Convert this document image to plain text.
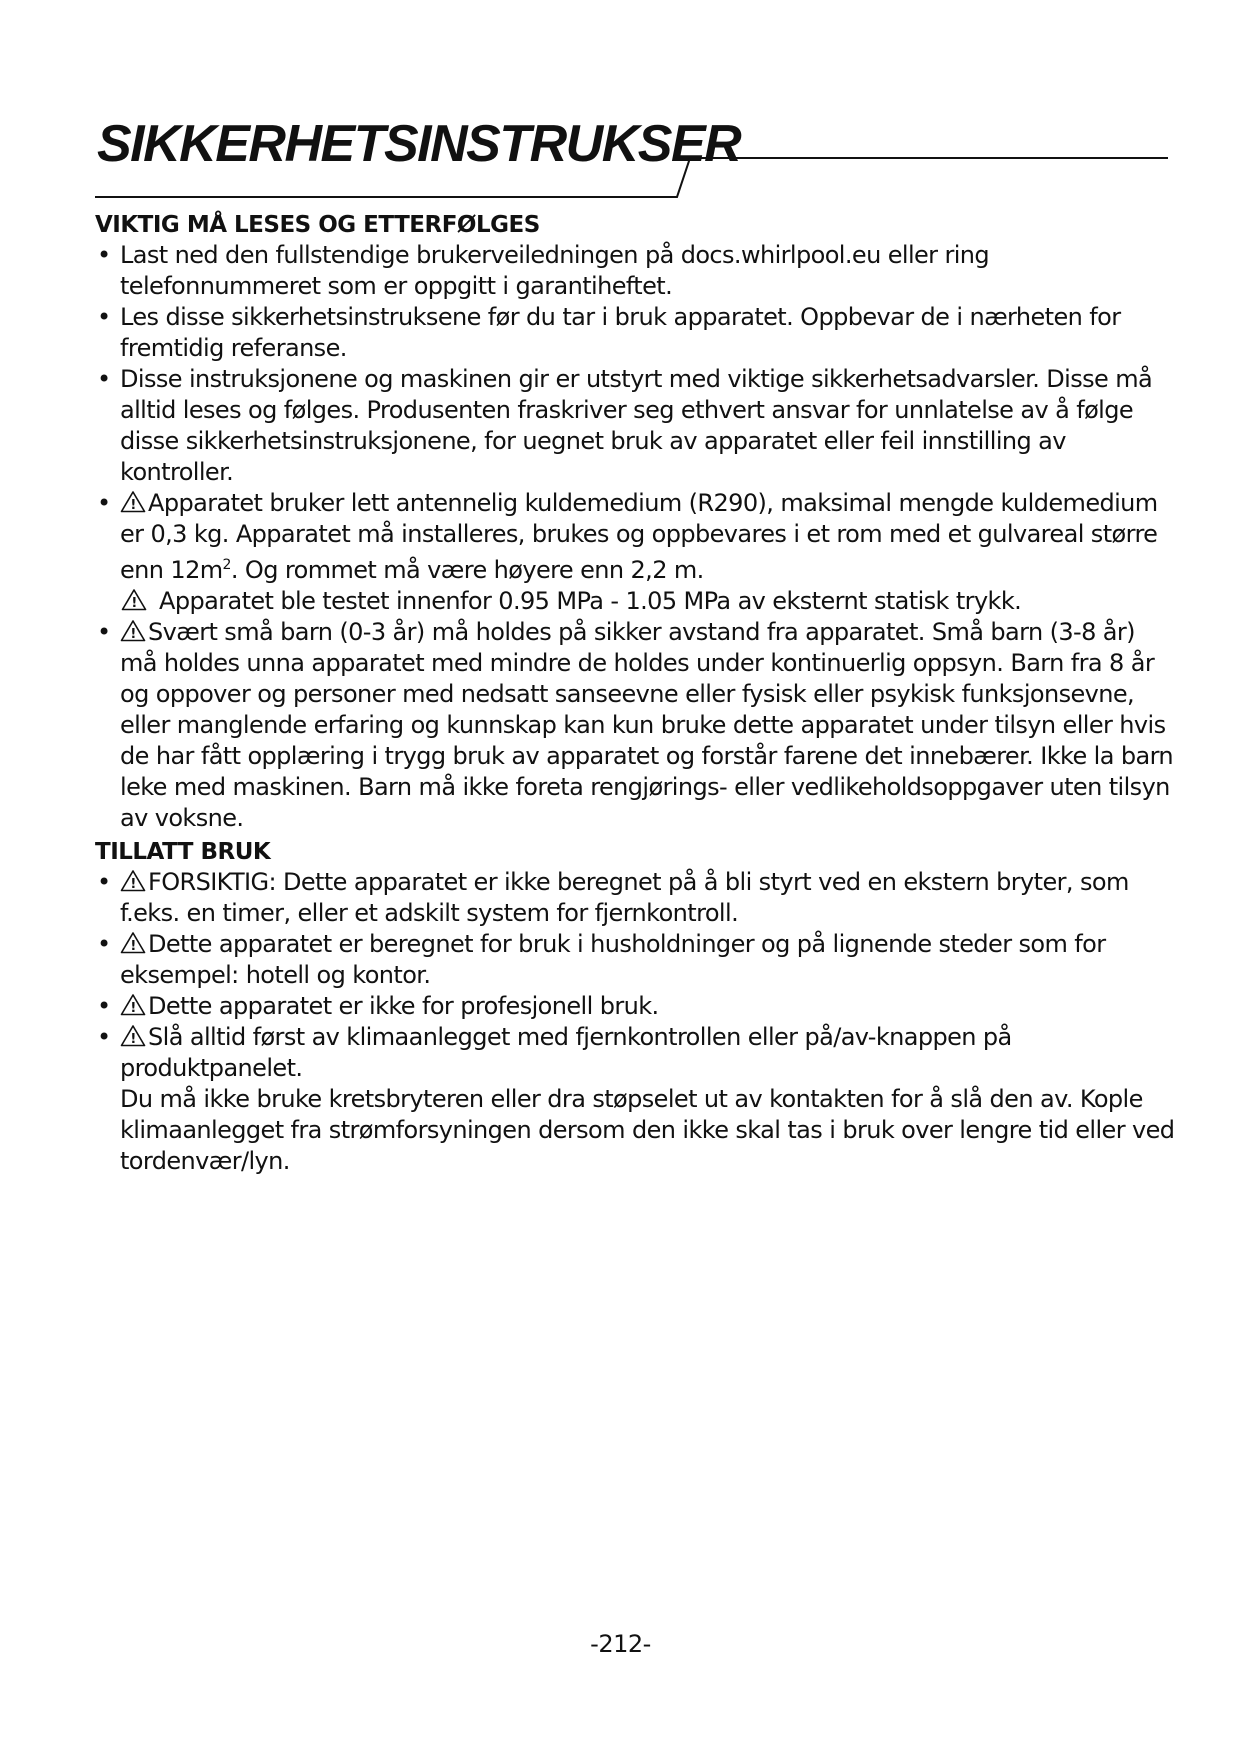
SIKKERHETSINSTRUKSER
VIKTIG MÅ LESES OG ETTERFØLGES
• Last ned den fullstendige brukerveiledningen på docs.whirlpool.eu eller ring telefonnummeret som er oppgitt i garantiheftet.
• Les disse sikkerhetsinstruksene før du tar i bruk apparatet. Oppbevar de i nærheten for fremtidig referanse.
• Disse instruksjonene og maskinen gir er utstyrt med viktige sikkerhetsadvarsler. Disse må alltid leses og følges. Produsenten fraskriver seg ethvert ansvar for unnlatelse av å følge disse sikkerhetsinstruksjonene, for uegnet bruk av apparatet eller feil innstilling av kontroller.
• ! Apparatet bruker lett antennelig kuldemedium (R290), maksimal mengde kuldemedium er 0,3 kg. Apparatet må installeres, brukes og oppbevares i et rom med et gulvareal større enn $12m^2$. Og rommet må være høyere enn 2,2 m.
! Apparatet ble testet innenfor 0.95 MPa - 1.05 MPa av eksternt statisk trykk.
• ! Svært små barn (0-3 år) må holdes på sikker avstand fra apparatet. Små barn (3-8 år) må holdes unna apparatet med mindre de holdes under kontinuerlig oppsyn. Barn fra 8 år og oppover og personer med nedsatt sanseevne eller fysisk eller psykisk funksjonsevne, eller manglende erfaring og kunnskap kan kun bruke dette apparatet under tilsyn eller hvis de har fått opplæring i trygg bruk av apparatet og forstår farene det innebærer. Ikke la barn leke med maskinen. Barn må ikke foreta rengjørings- eller vedlikeholdsoppgaver uten tilsyn av voksne.
TILLATT BRUK
• ! FORSIKTIG: Dette apparatet er ikke beregnet på å bli styrt ved en ekstern bryter, som f.eks. en timer, eller et adskilt system for fjernkontroll.
• ! Dette apparatet er beregnet for bruk i husholdninger og på lignende steder som for eksempel: hotell og kontor.
• ! Dette apparatet er ikke for profesjonell bruk.
• ! Slå alltid først av klimaanlegget med fjernkontrollen eller på/av-knappen på produktpanelet.
Du må ikke bruke kretsbryteren eller dra støpselet ut av kontakten for å slå den av. Kople klimaanlegget fra strømforsyningen dersom den ikke skal tas i bruk over lengre tid eller ved tordenvær/lyn.
-212-
